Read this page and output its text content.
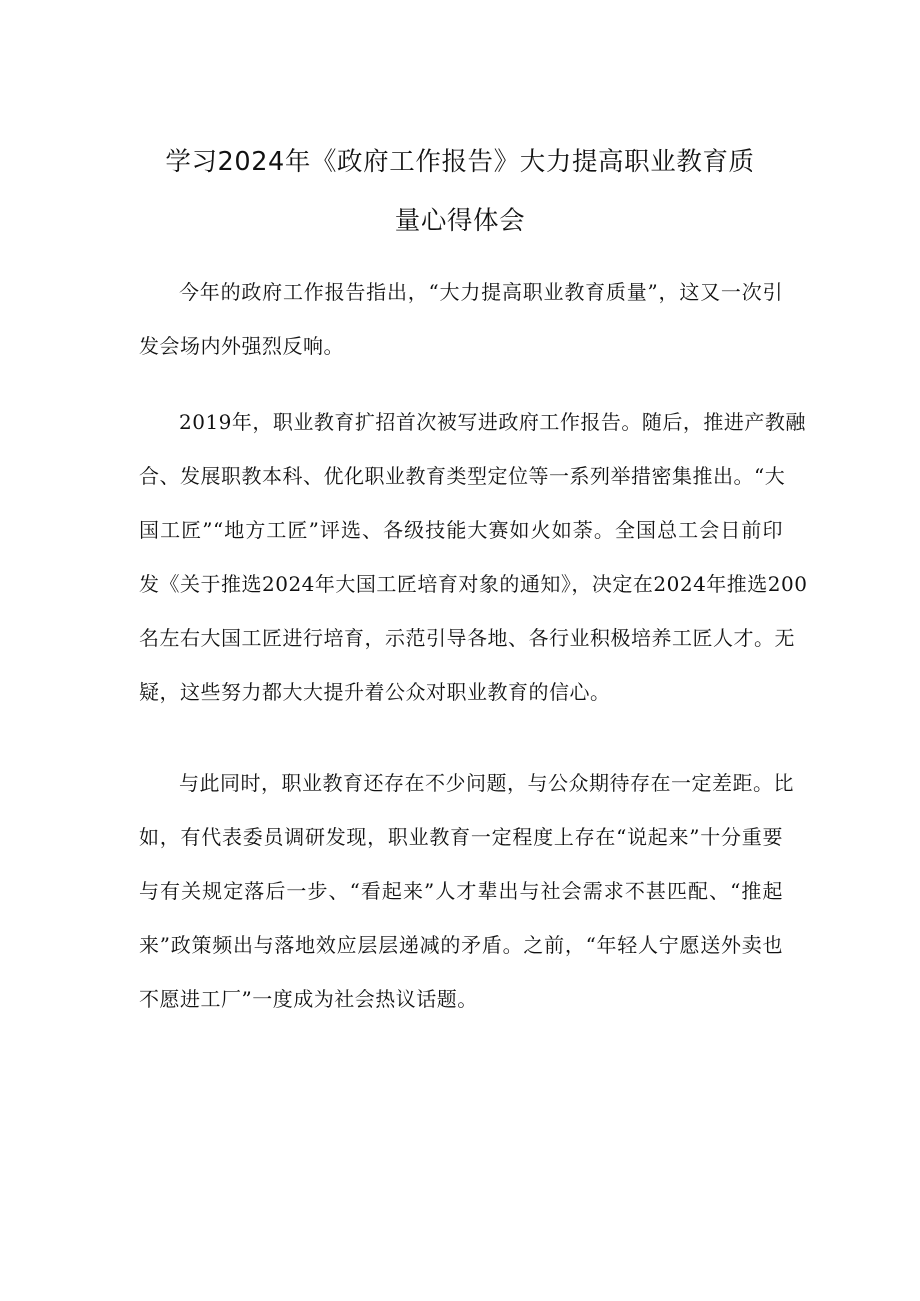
学习2024年《政府工作报告》大力提高职业教育质
量心得体会
今年的政府工作报告指出，“大力提高职业教育质量”，这又一次引
发会场内外强烈反响。
2019年，职业教育扩招首次被写进政府工作报告。随后，推进产教融
合、发展职教本科、优化职业教育类型定位等一系列举措密集推出。“大
国工匠”“地方工匠”评选、各级技能大赛如火如荼。全国总工会日前印
发《关于推选2024年大国工匠培育对象的通知》，决定在2024年推选200
名左右大国工匠进行培育，示范引导各地、各行业积极培养工匠人才。无
疑，这些努力都大大提升着公众对职业教育的信心。
与此同时，职业教育还存在不少问题，与公众期待存在一定差距。比
如，有代表委员调研发现，职业教育一定程度上存在“说起来”十分重要
与有关规定落后一步、“看起来”人才辈出与社会需求不甚匹配、“推起
来”政策频出与落地效应层层递减的矛盾。之前，“年轻人宁愿送外卖也
不愿进工厂”一度成为社会热议话题。
